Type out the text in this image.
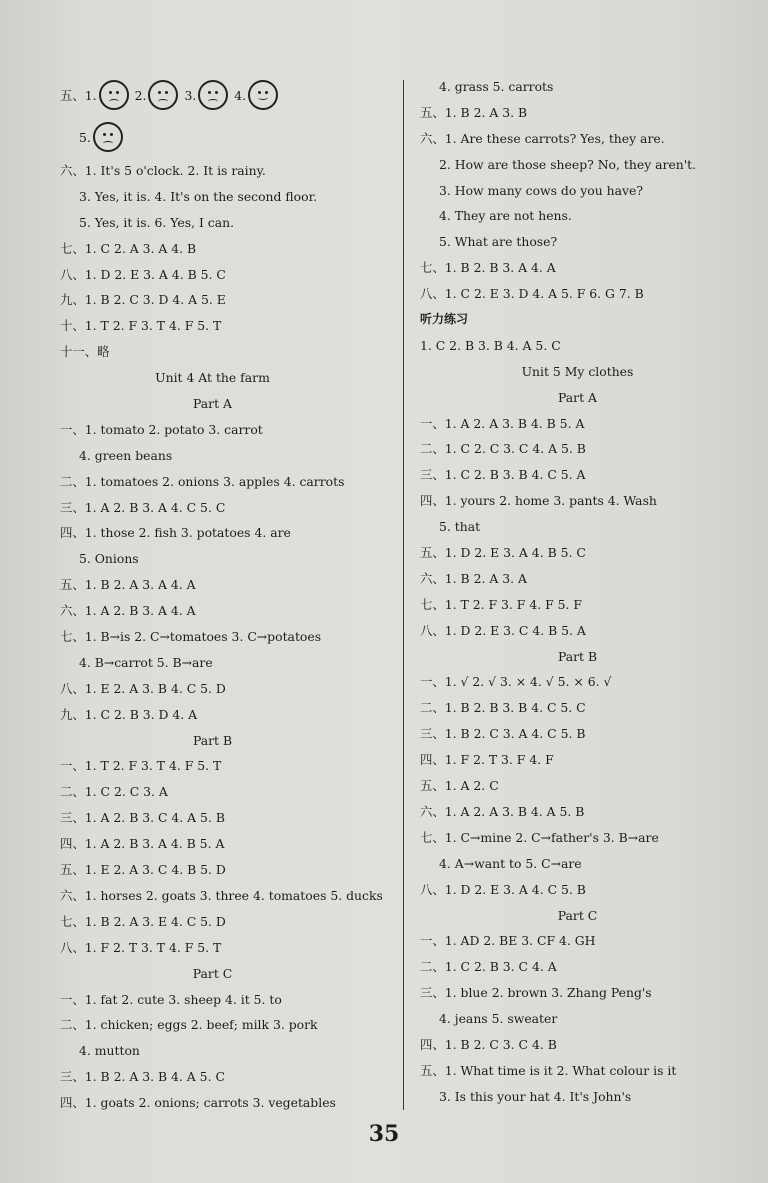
五、1.	2.	3.	4.
5.
六、1. It's 5 o'clock. 2. It is rainy.
3. Yes, it is. 4. It's on the second floor.
5. Yes, it is. 6. Yes, I can.
七、1. C 2. A 3. A 4. B
八、1. D 2. E 3. A 4. B 5. C
九、1. B 2. C 3. D 4. A 5. E
十、1. T 2. F 3. T 4. F 5. T
十一、略
Unit 4 At the farm
Part A
一、1. tomato 2. potato 3. carrot
4. green beans
二、1. tomatoes 2. onions 3. apples 4. carrots
三、1. A 2. B 3. A 4. C 5. C
四、1. those 2. fish 3. potatoes 4. are
5. Onions
五、1. B 2. A 3. A 4. A
六、1. A 2. B 3. A 4. A
七、1. B→is 2. C→tomatoes 3. C→potatoes
4. B→carrot 5. B→are
八、1. E 2. A 3. B 4. C 5. D
九、1. C 2. B 3. D 4. A
Part B
一、1. T 2. F 3. T 4. F 5. T
二、1. C 2. C 3. A
三、1. A 2. B 3. C 4. A 5. B
四、1. A 2. B 3. A 4. B 5. A
五、1. E 2. A 3. C 4. B 5. D
六、1. horses 2. goats 3. three 4. tomatoes 5. ducks
七、1. B 2. A 3. E 4. C 5. D
八、1. F 2. T 3. T 4. F 5. T
Part C
一、1. fat 2. cute 3. sheep 4. it 5. to
二、1. chicken; eggs 2. beef; milk 3. pork
4. mutton
三、1. B 2. A 3. B 4. A 5. C
四、1. goats 2. onions; carrots 3. vegetables
4. grass 5. carrots
五、1. B 2. A 3. B
六、1. Are these carrots? Yes, they are.
2. How are those sheep? No, they aren't.
3. How many cows do you have?
4. They are not hens.
5. What are those?
七、1. B 2. B 3. A 4. A
八、1. C 2. E 3. D 4. A 5. F 6. G 7. B
听力练习
1. C 2. B 3. B 4. A 5. C
Unit 5 My clothes
Part A
一、1. A 2. A 3. B 4. B 5. A
二、1. C 2. C 3. C 4. A 5. B
三、1. C 2. B 3. B 4. C 5. A
四、1. yours 2. home 3. pants 4. Wash
5. that
五、1. D 2. E 3. A 4. B 5. C
六、1. B 2. A 3. A
七、1. T 2. F 3. F 4. F 5. F
八、1. D 2. E 3. C 4. B 5. A
Part B
一、1. √ 2. √ 3. × 4. √ 5. × 6. √
二、1. B 2. B 3. B 4. C 5. C
三、1. B 2. C 3. A 4. C 5. B
四、1. F 2. T 3. F 4. F
五、1. A 2. C
六、1. A 2. A 3. B 4. A 5. B
七、1. C→mine 2. C→father's 3. B→are
4. A→want to 5. C→are
八、1. D 2. E 3. A 4. C 5. B
Part C
一、1. AD 2. BE 3. CF 4. GH
二、1. C 2. B 3. C 4. A
三、1. blue 2. brown 3. Zhang Peng's
4. jeans 5. sweater
四、1. B 2. C 3. C 4. B
五、1. What time is it 2. What colour is it
3. Is this your hat 4. It's John's
35
